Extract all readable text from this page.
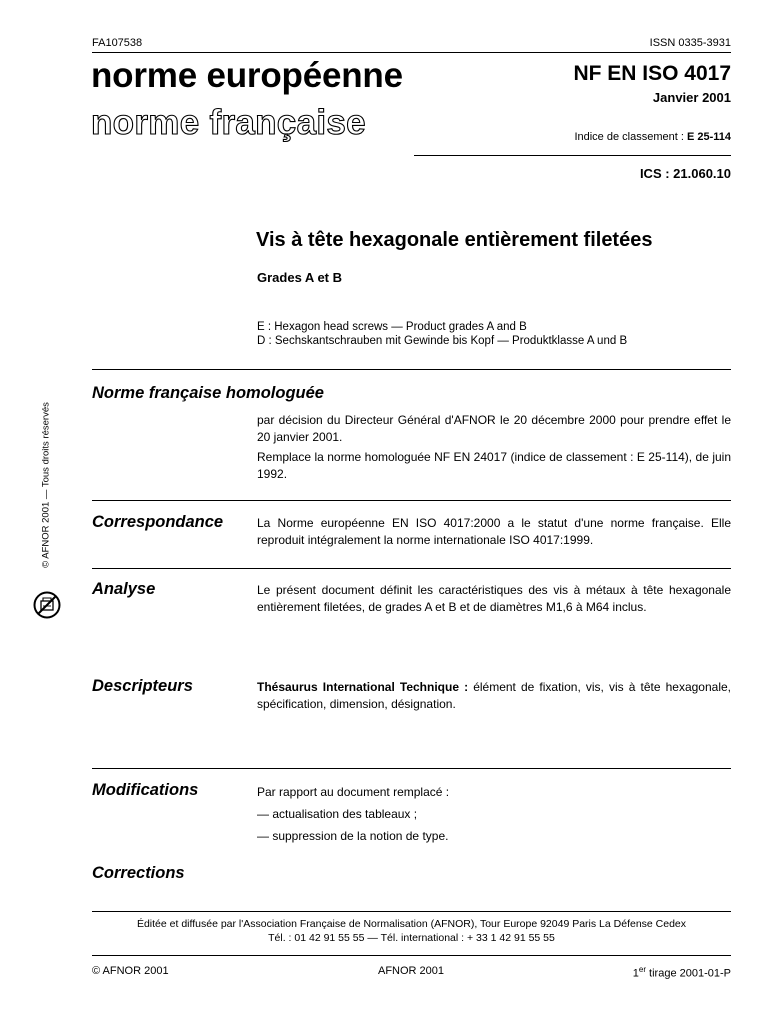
FA107538	ISSN 0335-3931
norme européenne
norme française
NF EN ISO 4017
Janvier 2001
Indice de classement : E 25-114
ICS : 21.060.10
Vis à tête hexagonale entièrement filetées
Grades A et B
E : Hexagon head screws — Product grades A and B
D : Sechskantschrauben mit Gewinde bis Kopf — Produktklasse A und B
Norme française homologuée
par décision du Directeur Général d'AFNOR le 20 décembre 2000 pour prendre effet le 20 janvier 2001.
Remplace la norme homologuée NF EN 24017 (indice de classement : E 25-114), de juin 1992.
Correspondance	La Norme européenne EN ISO 4017:2000 a le statut d'une norme française. Elle reproduit intégralement la norme internationale ISO 4017:1999.
Analyse	Le présent document définit les caractéristiques des vis à métaux à tête hexagonale entièrement filetées, de grades A et B et de diamètres M1,6 à M64 inclus.
Descripteurs	Thésaurus International Technique : élément de fixation, vis, vis à tête hexagonale, spécification, dimension, désignation.
Modifications	Par rapport au document remplacé :
— actualisation des tableaux ;
— suppression de la notion de type.
Corrections
Éditée et diffusée par l'Association Française de Normalisation (AFNOR), Tour Europe 92049 Paris La Défense Cedex
Tél. : 01 42 91 55 55 — Tél. international : + 33 1 42 91 55 55
© AFNOR 2001	AFNOR 2001	1er tirage 2001-01-P
© AFNOR 2001 — Tous droits réservés
